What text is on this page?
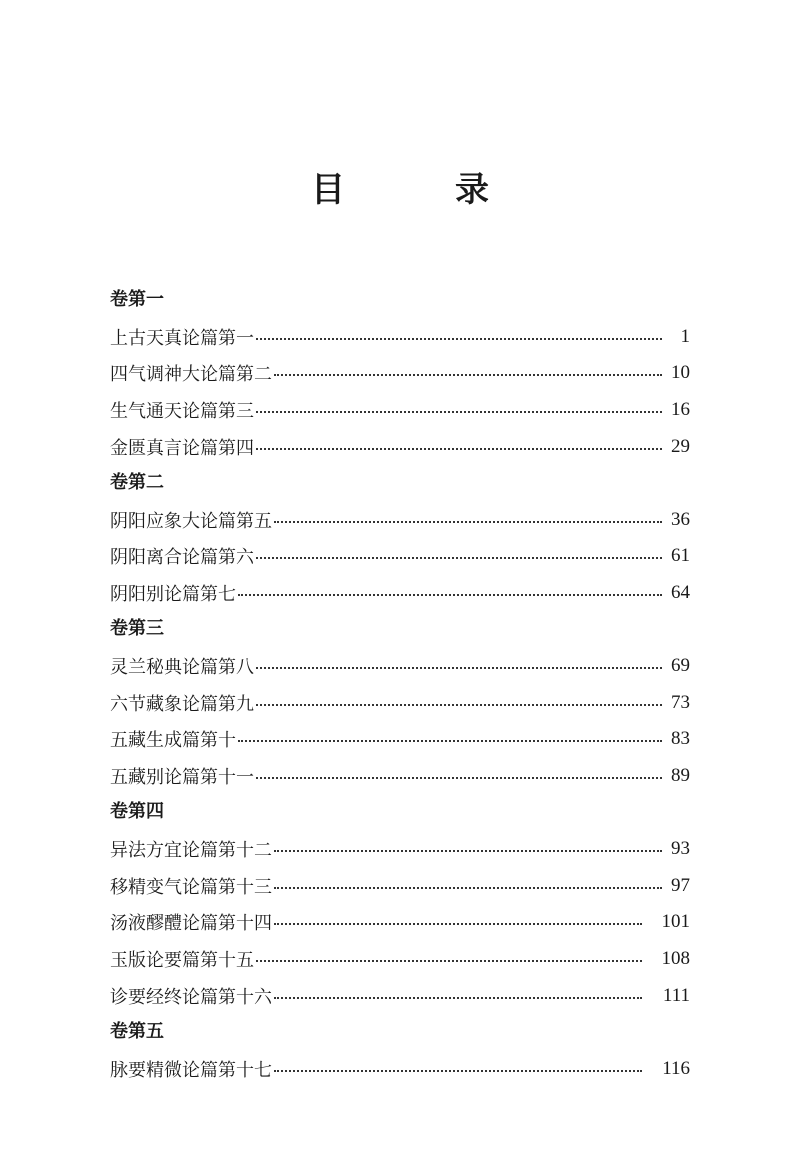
目　录
卷第一
上古天真论篇第一	1
四气调神大论篇第二	10
生气通天论篇第三	16
金匮真言论篇第四	29
卷第二
阴阳应象大论篇第五	36
阴阳离合论篇第六	61
阴阳别论篇第七	64
卷第三
灵兰秘典论篇第八	69
六节藏象论篇第九	73
五藏生成篇第十	83
五藏别论篇第十一	89
卷第四
异法方宜论篇第十二	93
移精变气论篇第十三	97
汤液醪醴论篇第十四	101
玉版论要篇第十五	108
诊要经终论篇第十六	111
卷第五
脉要精微论篇第十七	116
